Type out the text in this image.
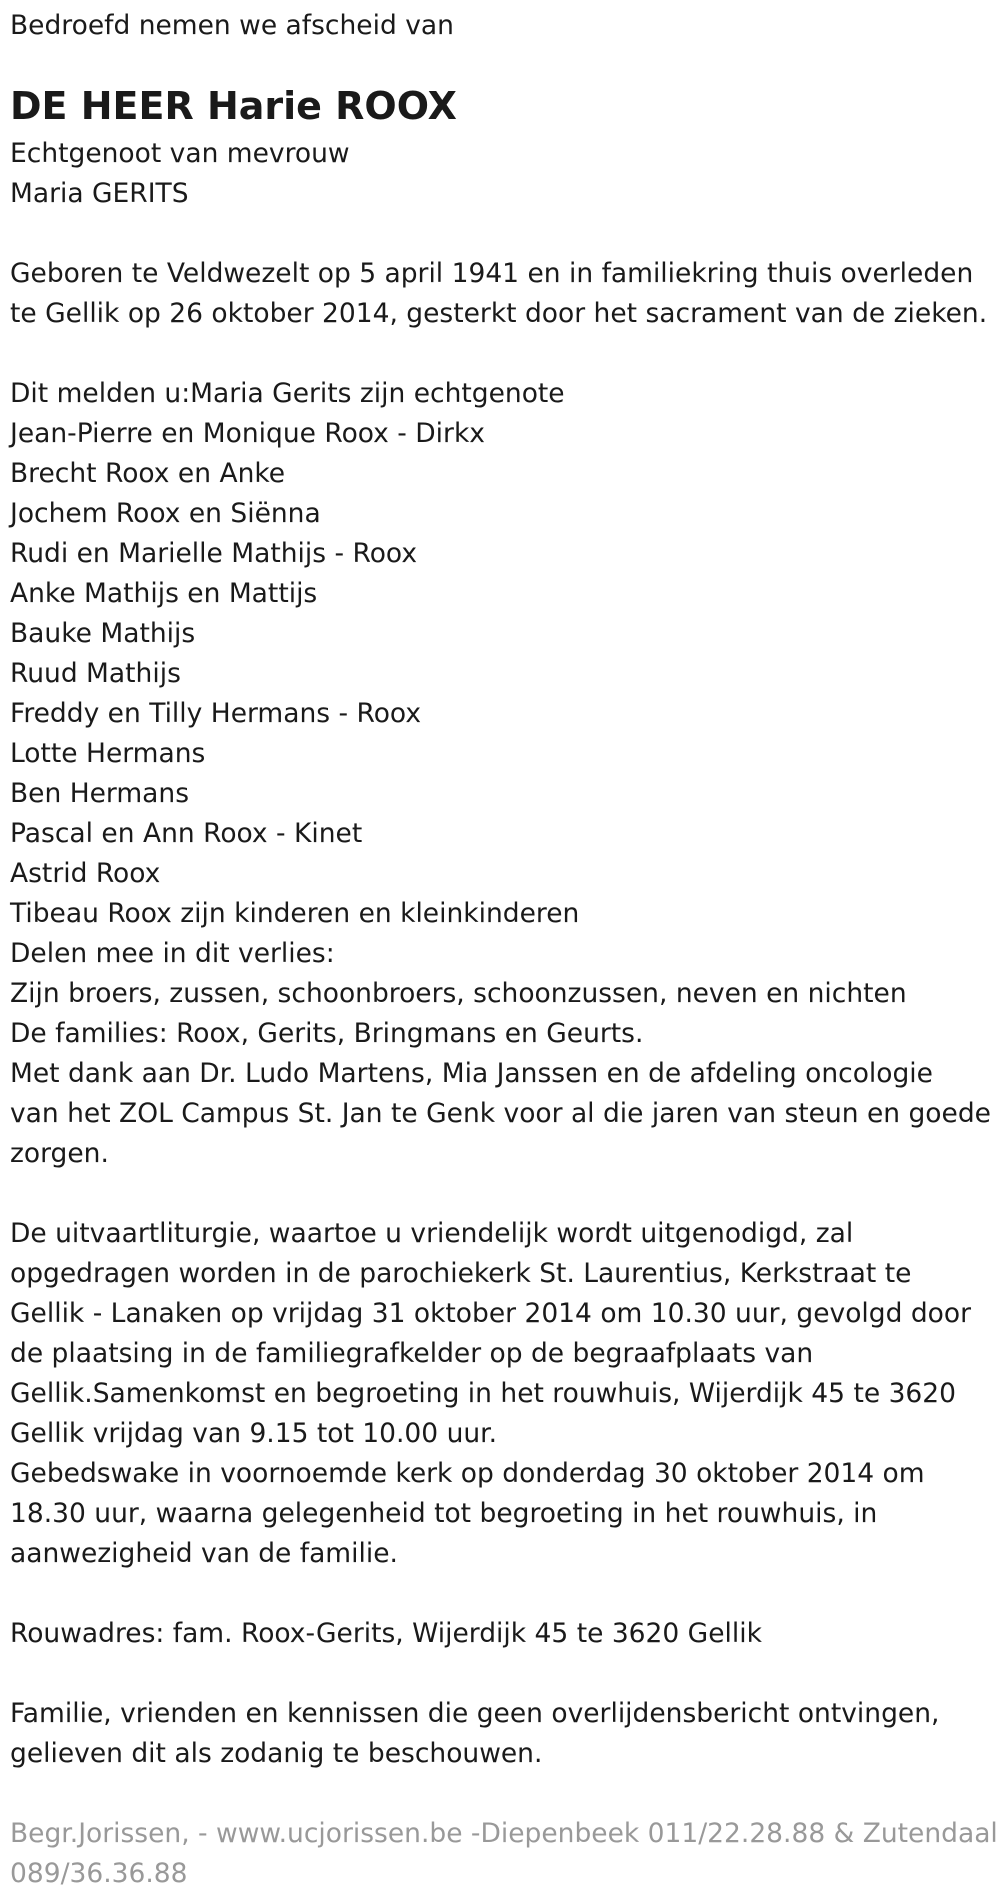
Bedroefd nemen we afscheid van
DE HEER Harie ROOX
Echtgenoot van mevrouw
Maria GERITS
Geboren te Veldwezelt op 5 april 1941 en in familiekring thuis overleden
te Gellik op 26 oktober 2014, gesterkt door het sacrament van de zieken.
Dit melden u:Maria Gerits zijn echtgenote
Jean-Pierre en Monique Roox - Dirkx
Brecht Roox en Anke
Jochem Roox en Siënna
Rudi en Marielle Mathijs - Roox
Anke Mathijs en Mattijs
Bauke Mathijs
Ruud Mathijs
Freddy en Tilly Hermans - Roox
Lotte Hermans
Ben Hermans
Pascal en Ann Roox - Kinet
Astrid Roox
Tibeau Roox zijn kinderen en kleinkinderen
Delen mee in dit verlies:
Zijn broers, zussen, schoonbroers, schoonzussen, neven en nichten
De families: Roox, Gerits, Bringmans en Geurts.
Met dank aan Dr. Ludo Martens, Mia Janssen en de afdeling oncologie
van het ZOL Campus St. Jan te Genk voor al die jaren van steun en goede
zorgen.
De uitvaartliturgie, waartoe u vriendelijk wordt uitgenodigd, zal
opgedragen worden in de parochiekerk St. Laurentius, Kerkstraat te
Gellik - Lanaken op vrijdag 31 oktober 2014 om 10.30 uur, gevolgd door
de plaatsing in de familiegrafkelder op de begraafplaats van
Gellik.Samenkomst en begroeting in het rouwhuis, Wijerdijk 45 te 3620
Gellik vrijdag van 9.15 tot 10.00 uur.
Gebedswake in voornoemde kerk op donderdag 30 oktober 2014 om
18.30 uur, waarna gelegenheid tot begroeting in het rouwhuis, in
aanwezigheid van de familie.
Rouwadres: fam. Roox-Gerits, Wijerdijk 45 te 3620 Gellik
Familie, vrienden en kennissen die geen overlijdensbericht ontvingen,
gelieven dit als zodanig te beschouwen.
Begr.Jorissen, - www.ucjorissen.be -Diepenbeek 011/22.28.88 & Zutendaal
089/36.36.88
